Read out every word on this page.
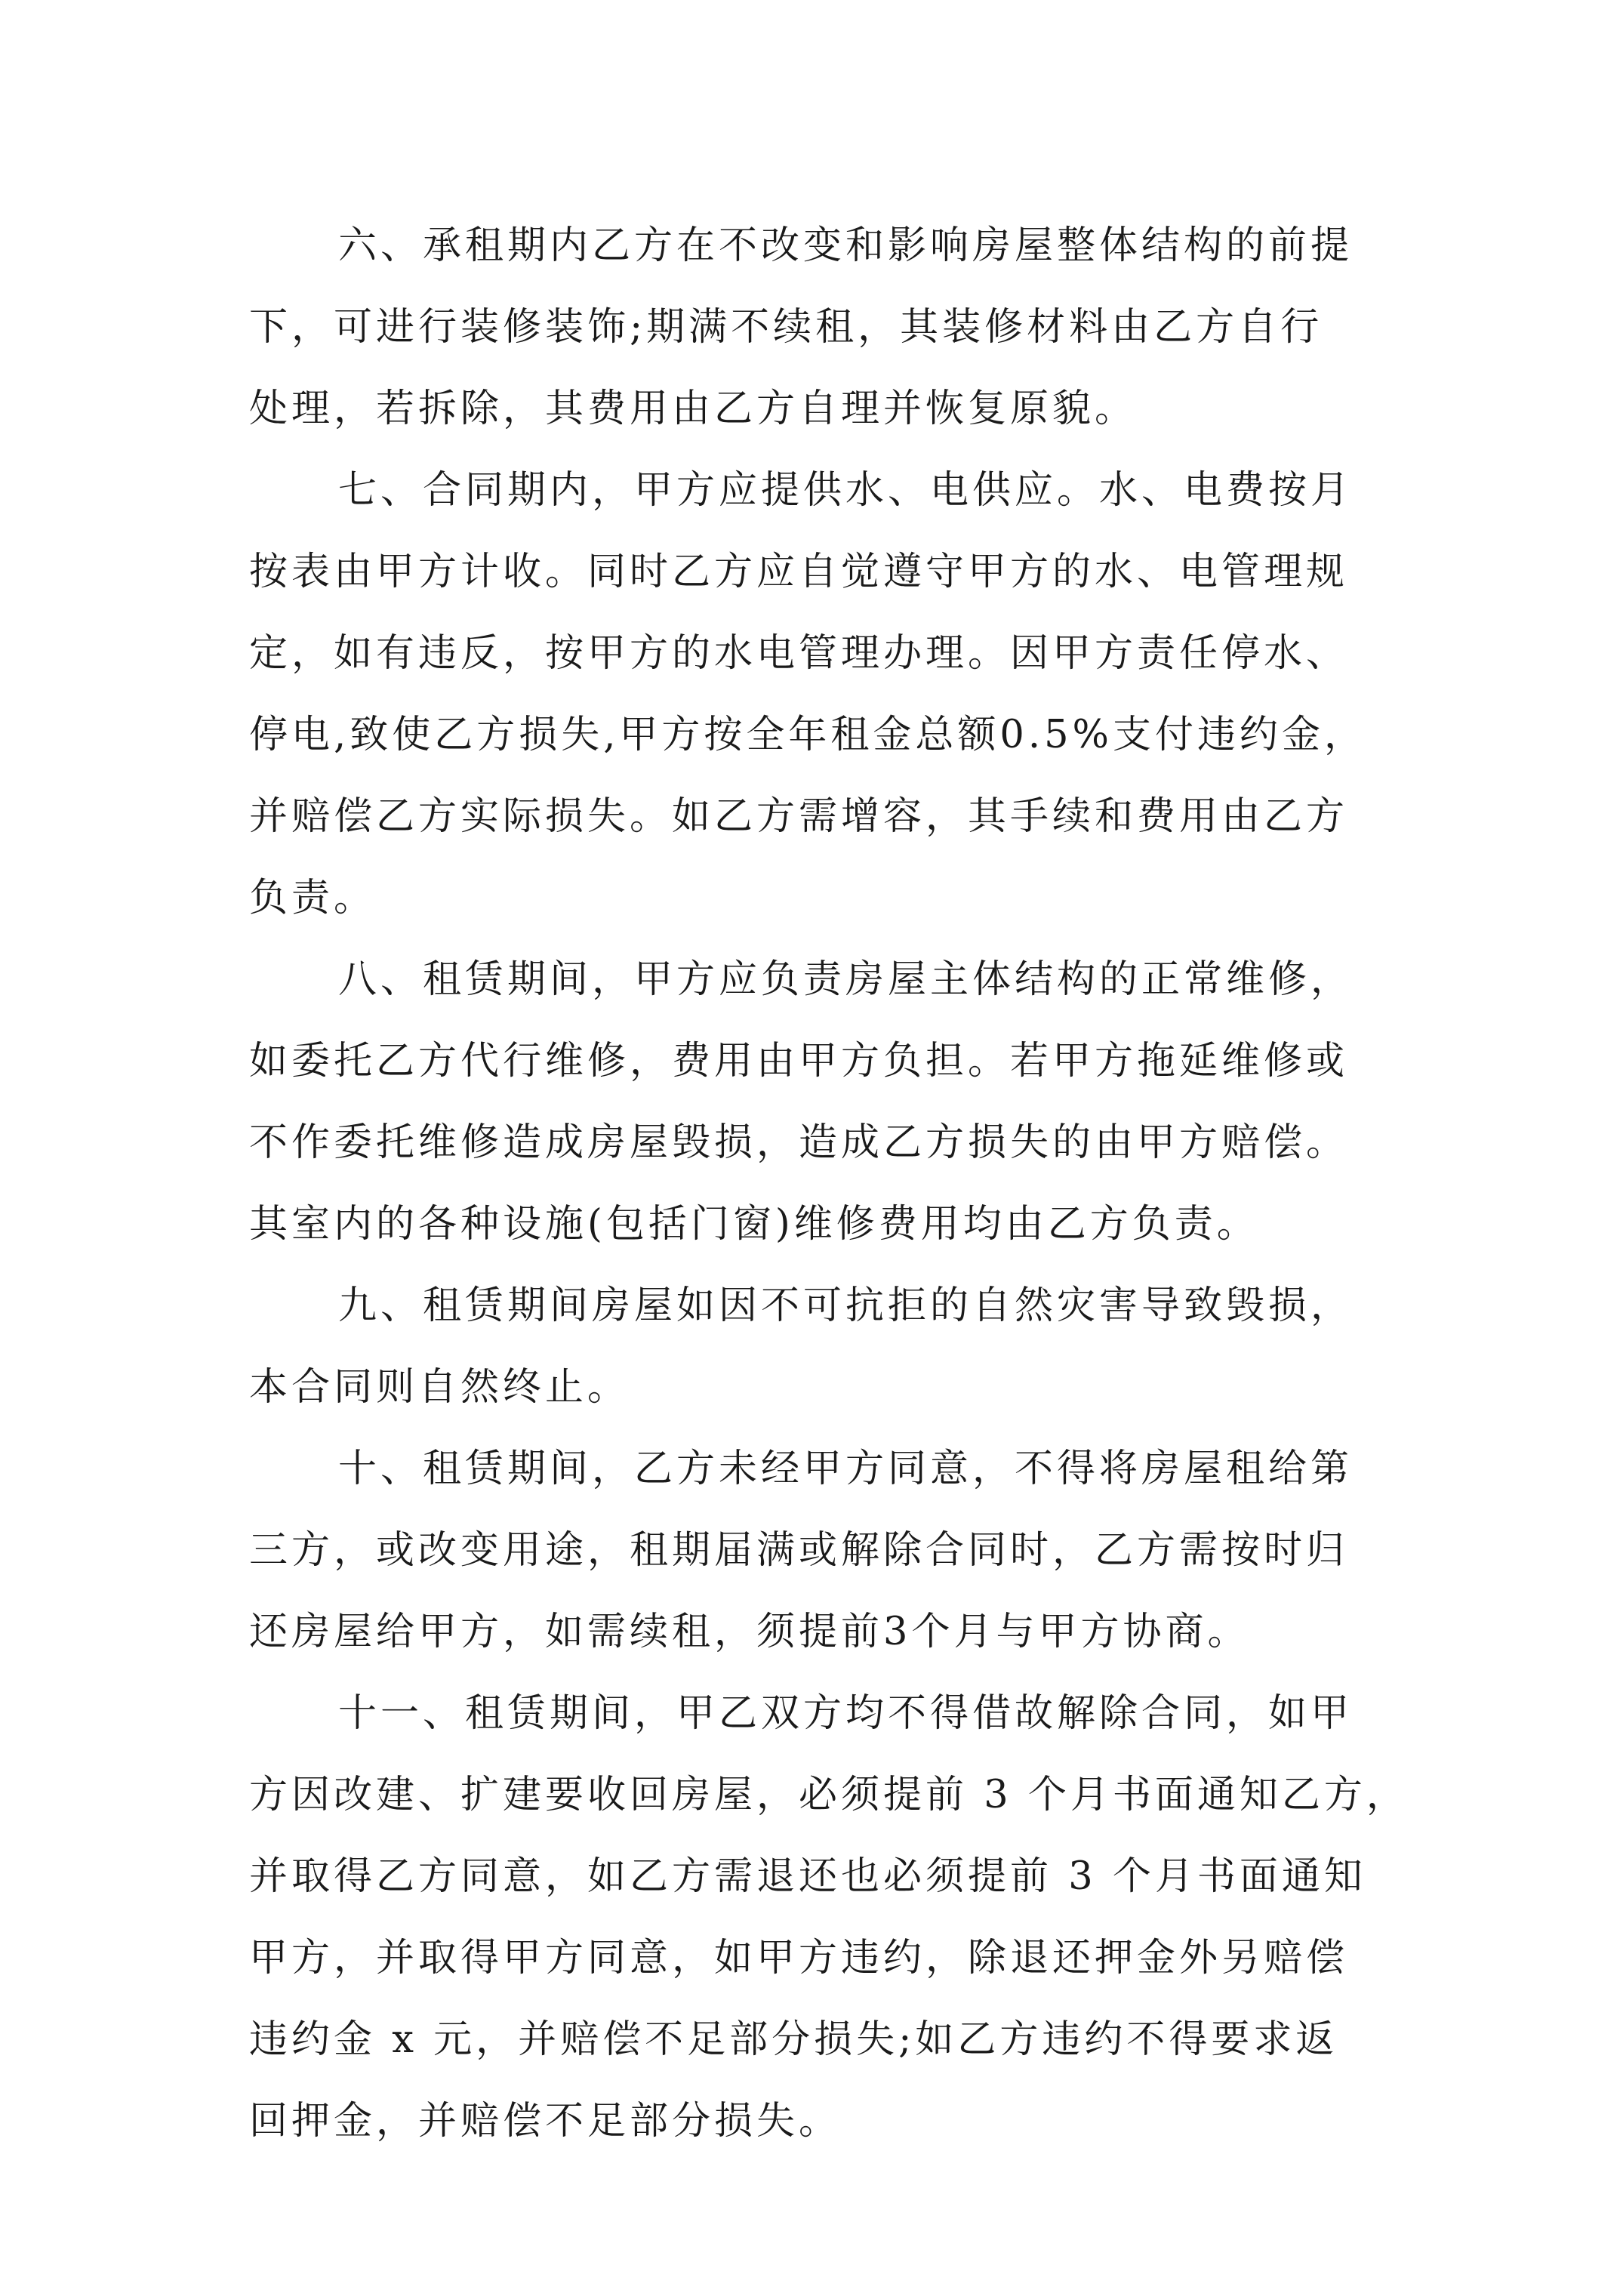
六、承租期内乙方在不改变和影响房屋整体结构的前提
下，可进行装修装饰;期满不续租，其装修材料由乙方自行
处理，若拆除，其费用由乙方自理并恢复原貌。
七、合同期内，甲方应提供水、电供应。水、电费按月
按表由甲方计收。同时乙方应自觉遵守甲方的水、电管理规
定，如有违反，按甲方的水电管理办理。因甲方责任停水、
停电,致使乙方损失,甲方按全年租金总额0.5%支付违约金，
并赔偿乙方实际损失。如乙方需增容，其手续和费用由乙方
负责。
八、租赁期间，甲方应负责房屋主体结构的正常维修，
如委托乙方代行维修，费用由甲方负担。若甲方拖延维修或
不作委托维修造成房屋毁损，造成乙方损失的由甲方赔偿。
其室内的各种设施(包括门窗)维修费用均由乙方负责。
九、租赁期间房屋如因不可抗拒的自然灾害导致毁损，
本合同则自然终止。
十、租赁期间，乙方未经甲方同意，不得将房屋租给第
三方，或改变用途，租期届满或解除合同时，乙方需按时归
还房屋给甲方，如需续租，须提前3个月与甲方协商。
十一、租赁期间，甲乙双方均不得借故解除合同，如甲
方因改建、扩建要收回房屋，必须提前 3 个月书面通知乙方，
并取得乙方同意，如乙方需退还也必须提前 3 个月书面通知
甲方，并取得甲方同意，如甲方违约，除退还押金外另赔偿
违约金 x 元，并赔偿不足部分损失;如乙方违约不得要求返
回押金，并赔偿不足部分损失。
